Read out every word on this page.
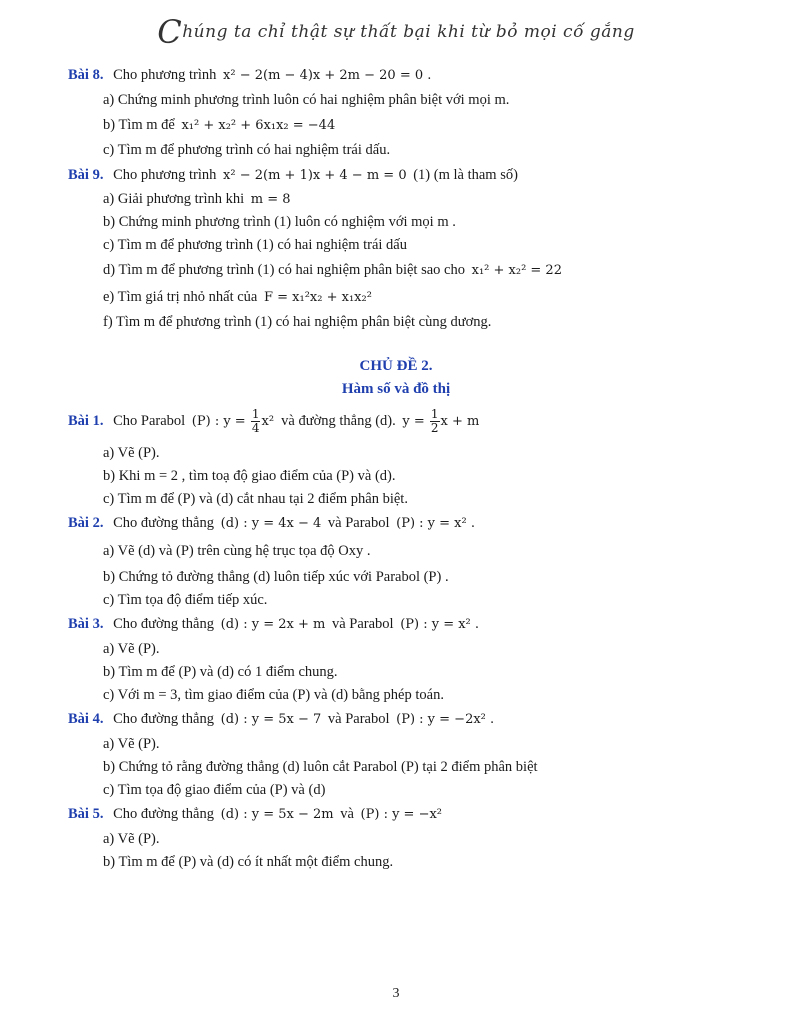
Chúng ta chỉ thật sự thất bại khi từ bỏ mọi cố gắng
Bài 8. Cho phương trình x² − 2(m − 4)x + 2m − 20 = 0 .
a) Chứng minh phương trình luôn có hai nghiệm phân biệt với mọi m.
b) Tìm m để x₁² + x₂² + 6x₁x₂ = −44
c) Tìm m để phương trình có hai nghiệm trái dấu.
Bài 9. Cho phương trình x² − 2(m + 1)x + 4 − m = 0 (1) (m là tham số)
a) Giải phương trình khi m = 8
b) Chứng minh phương trình (1) luôn có nghiệm với mọi m .
c) Tìm m để phương trình (1) có hai nghiệm trái dấu
d) Tìm m để phương trình (1) có hai nghiệm phân biệt sao cho x₁² + x₂² = 22
e) Tìm giá trị nhỏ nhất của F = x₁²x₂ + x₁x₂²
f) Tìm m để phương trình (1) có hai nghiệm phân biệt cùng dương.
CHỦ ĐỀ 2.
Hàm số và đồ thị
Bài 1. Cho Parabol (P) : $y = \frac{1}{4} x^2$ và đường thẳng (d). $y = \frac{1}{2}$ x + m
a) Vẽ (P).
b) Khi m = 2 , tìm toạ độ giao điểm của (P) và (d).
c) Tìm m để (P) và (d) cắt nhau tại 2 điểm phân biệt.
Bài 2. Cho đường thẳng (d) : y = 4x − 4 và Parabol (P) : y = x² .
a) Vẽ (d) và (P) trên cùng hệ trục tọa độ Oxy .
b) Chứng tỏ đường thẳng (d) luôn tiếp xúc với Parabol (P) .
c) Tìm tọa độ điểm tiếp xúc.
Bài 3. Cho đường thẳng (d) : y = 2x + m và Parabol (P) : y = x² .
a) Vẽ (P).
b) Tìm m để (P) và (d) có 1 điểm chung.
c) Với m = 3, tìm giao điểm của (P) và (d) bằng phép toán.
Bài 4. Cho đường thẳng (d) : y = 5x − 7 và Parabol (P) : y = −2x² .
a) Vẽ (P).
b) Chứng tỏ rằng đường thẳng (d) luôn cắt Parabol (P) tại 2 điểm phân biệt
c) Tìm tọa độ giao điểm của (P) và (d)
Bài 5. Cho đường thẳng (d) : y = 5x − 2m và (P) : y = −x²
a) Vẽ (P).
b) Tìm m để (P) và (d) có ít nhất một điểm chung.
3
